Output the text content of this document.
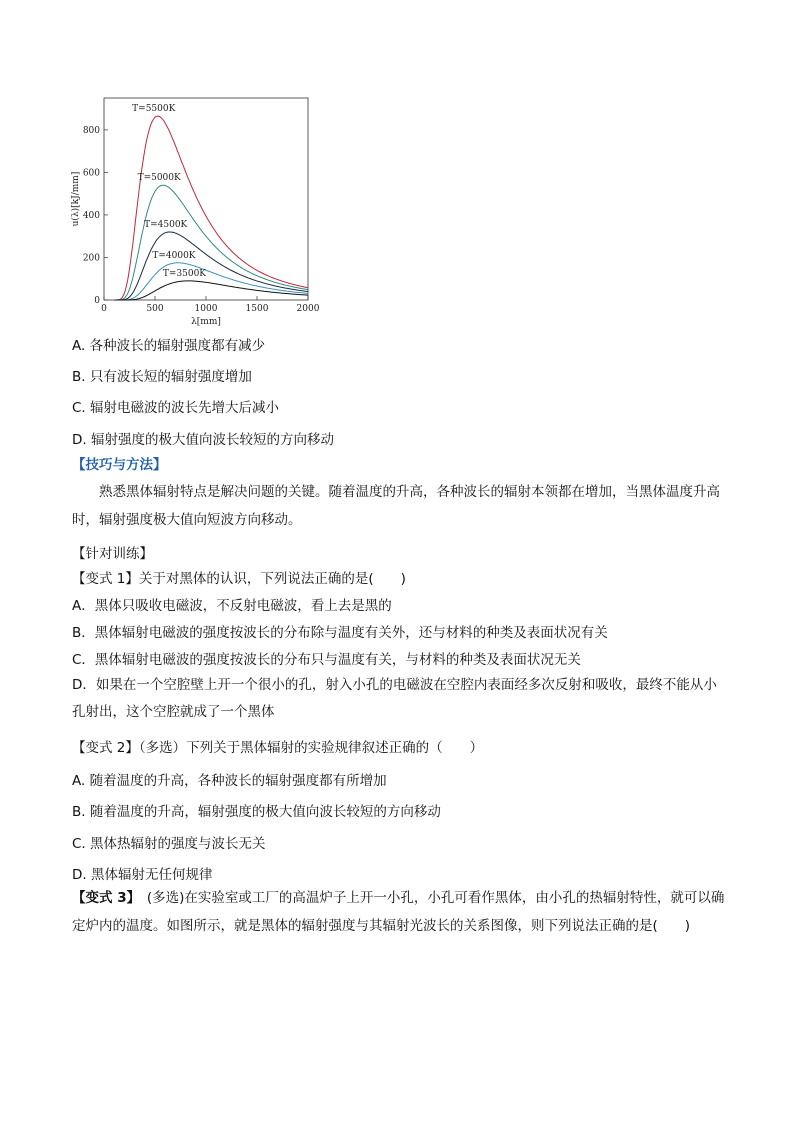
0	500	1000	1500	2000
0
200
400
600
800
λ[mm]
u(λ)[kJ/mm]
T=5500K
T=5000K
T=4500K
T=4000K
T=3500K
A. 各种波长的辐射强度都有减少
B. 只有波长短的辐射强度增加
C. 辐射电磁波的波长先增大后减小
D. 辐射强度的极大值向波长较短的方向移动
【技巧与方法】
熟悉黑体辐射特点是解决问题的关键。随着温度的升高，各种波长的辐射本领都在增加，当黑体温度升高时，辐射强度极大值向短波方向移动。
【针对训练】
【变式 1】关于对黑体的认识，下列说法正确的是(　　)
A．黑体只吸收电磁波，不反射电磁波，看上去是黑的
B．黑体辐射电磁波的强度按波长的分布除与温度有关外，还与材料的种类及表面状况有关
C．黑体辐射电磁波的强度按波长的分布只与温度有关，与材料的种类及表面状况无关
D．如果在一个空腔壁上开一个很小的孔，射入小孔的电磁波在空腔内表面经多次反射和吸收，最终不能从小孔射出，这个空腔就成了一个黑体
【变式 2】（多选）下列关于黑体辐射的实验规律叙述正确的（　　）
A. 随着温度的升高，各种波长的辐射强度都有所增加
B. 随着温度的升高，辐射强度的极大值向波长较短的方向移动
C. 黑体热辐射的强度与波长无关
D. 黑体辐射无任何规律
【变式 3】　(多选)在实验室或工厂的高温炉子上开一小孔，小孔可看作黑体，由小孔的热辐射特性，就可以确定炉内的温度。如图所示，就是黑体的辐射强度与其辐射光波长的关系图像，则下列说法正确的是(　　)
